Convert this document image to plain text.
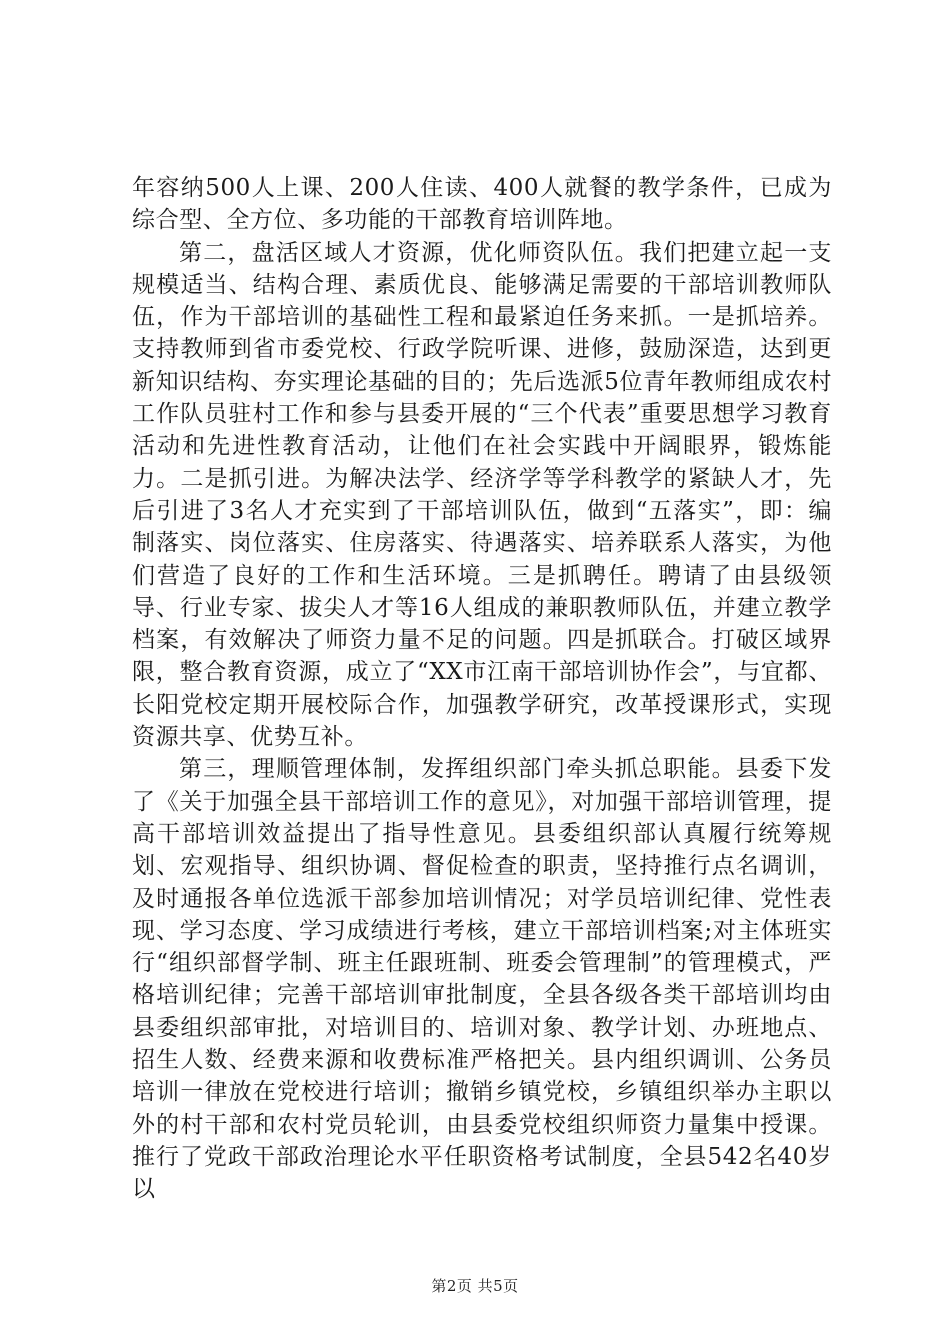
年容纳500人上课、200人住读、400人就餐的教学条件，已成为综合型、全方位、多功能的干部教育培训阵地。

第二，盘活区域人才资源，优化师资队伍。我们把建立起一支规模适当、结构合理、素质优良、能够满足需要的干部培训教师队伍，作为干部培训的基础性工程和最紧迫任务来抓。一是抓培养。支持教师到省市委党校、行政学院听课、进修，鼓励深造，达到更新知识结构、夯实理论基础的目的；先后选派5位青年教师组成农村工作队员驻村工作和参与县委开展的“三个代表”重要思想学习教育活动和先进性教育活动，让他们在社会实践中开阔眼界，锻炼能力。二是抓引进。为解决法学、经济学等学科教学的紧缺人才，先后引进了3名人才充实到了干部培训队伍，做到“五落实”，即：编制落实、岗位落实、住房落实、待遇落实、培养联系人落实，为他们营造了良好的工作和生活环境。三是抓聘任。聘请了由县级领导、行业专家、拔尖人才等16人组成的兼职教师队伍，并建立教学档案，有效解决了师资力量不足的问题。四是抓联合。打破区域界限，整合教育资源，成立了“XX市江南干部培训协作会”，与宜都、长阳党校定期开展校际合作，加强教学研究，改革授课形式，实现资源共享、优势互补。

第三，理顺管理体制，发挥组织部门牵头抓总职能。县委下发了《关于加强全县干部培训工作的意见》，对加强干部培训管理，提高干部培训效益提出了指导性意见。县委组织部认真履行统筹规划、宏观指导、组织协调、督促检查的职责，坚持推行点名调训，及时通报各单位选派干部参加培训情况；对学员培训纪律、党性表现、学习态度、学习成绩进行考核，建立干部培训档案;对主体班实行“组织部督学制、班主任跟班制、班委会管理制”的管理模式，严格培训纪律；完善干部培训审批制度，全县各级各类干部培训均由县委组织部审批，对培训目的、培训对象、教学计划、办班地点、招生人数、经费来源和收费标准严格把关。县内组织调训、公务员培训一律放在党校进行培训；撤销乡镇党校，乡镇组织举办主职以外的村干部和农村党员轮训，由县委党校组织师资力量集中授课。推行了党政干部政治理论水平任职资格考试制度，全县542名40岁以

第2页 共5页
